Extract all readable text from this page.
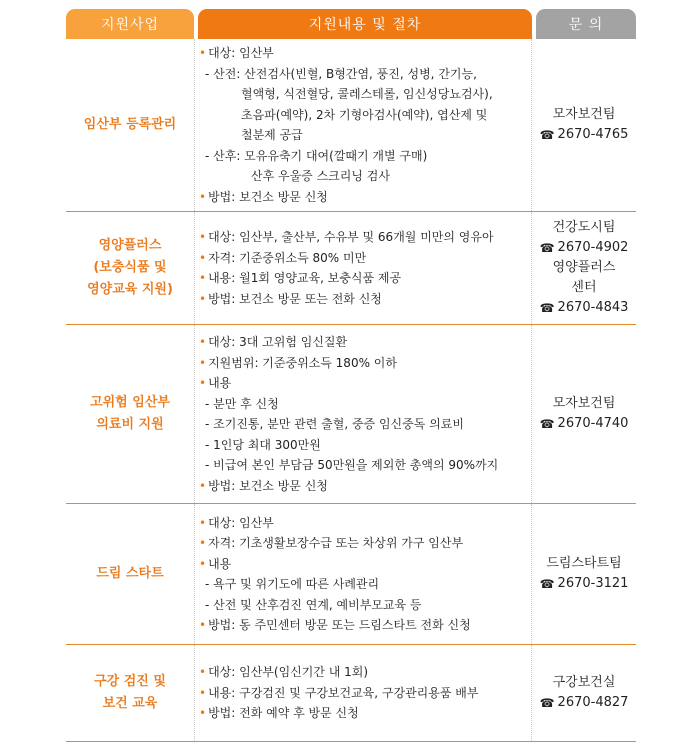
지원사업	지원내용 및 절차	문 의
임산부 등록관리
• 대상: 임산부
- 산전: 산전검사(빈혈, B형간염, 풍진, 성병, 간기능,
혈액형, 식전혈당, 콜레스테롤, 임신성당뇨검사),
초음파(예약), 2차 기형아검사(예약), 엽산제 및
철분제 공급
- 산후: 모유유축기 대여(깔때기 개별 구매)
산후 우울증 스크리닝 검사
• 방법: 보건소 방문 신청
모자보건팀
☎ 2670-4765
영양플러스
(보충식품 및
영양교육 지원)
• 대상: 임산부, 출산부, 수유부 및 66개월 미만의 영유아
• 자격: 기준중위소득 80% 미만
• 내용: 월1회 영양교육, 보충식품 제공
• 방법: 보건소 방문 또는 전화 신청
건강도시팀
☎ 2670-4902
영양플러스
센터
☎ 2670-4843
고위험 임산부
의료비 지원
• 대상: 3대 고위험 임신질환
• 지원범위: 기준중위소득 180% 이하
• 내용
- 분만 후 신청
- 조기진통, 분만 관련 출혈, 중증 임신중독 의료비
- 1인당 최대 300만원
- 비급여 본인 부담금 50만원을 제외한 총액의 90%까지
• 방법: 보건소 방문 신청
모자보건팀
☎ 2670-4740
드림 스타트
• 대상: 임산부
• 자격: 기초생활보장수급 또는 차상위 가구 임산부
• 내용
- 욕구 및 위기도에 따른 사례관리
- 산전 및 산후검진 연계, 예비부모교육 등
• 방법: 동 주민센터 방문 또는 드림스타트 전화 신청
드림스타트팀
☎ 2670-3121
구강 검진 및
보건 교육
• 대상: 임산부(임신기간 내 1회)
• 내용: 구강검진 및 구강보건교육, 구강관리용품 배부
• 방법: 전화 예약 후 방문 신청
구강보건실
☎ 2670-4827
